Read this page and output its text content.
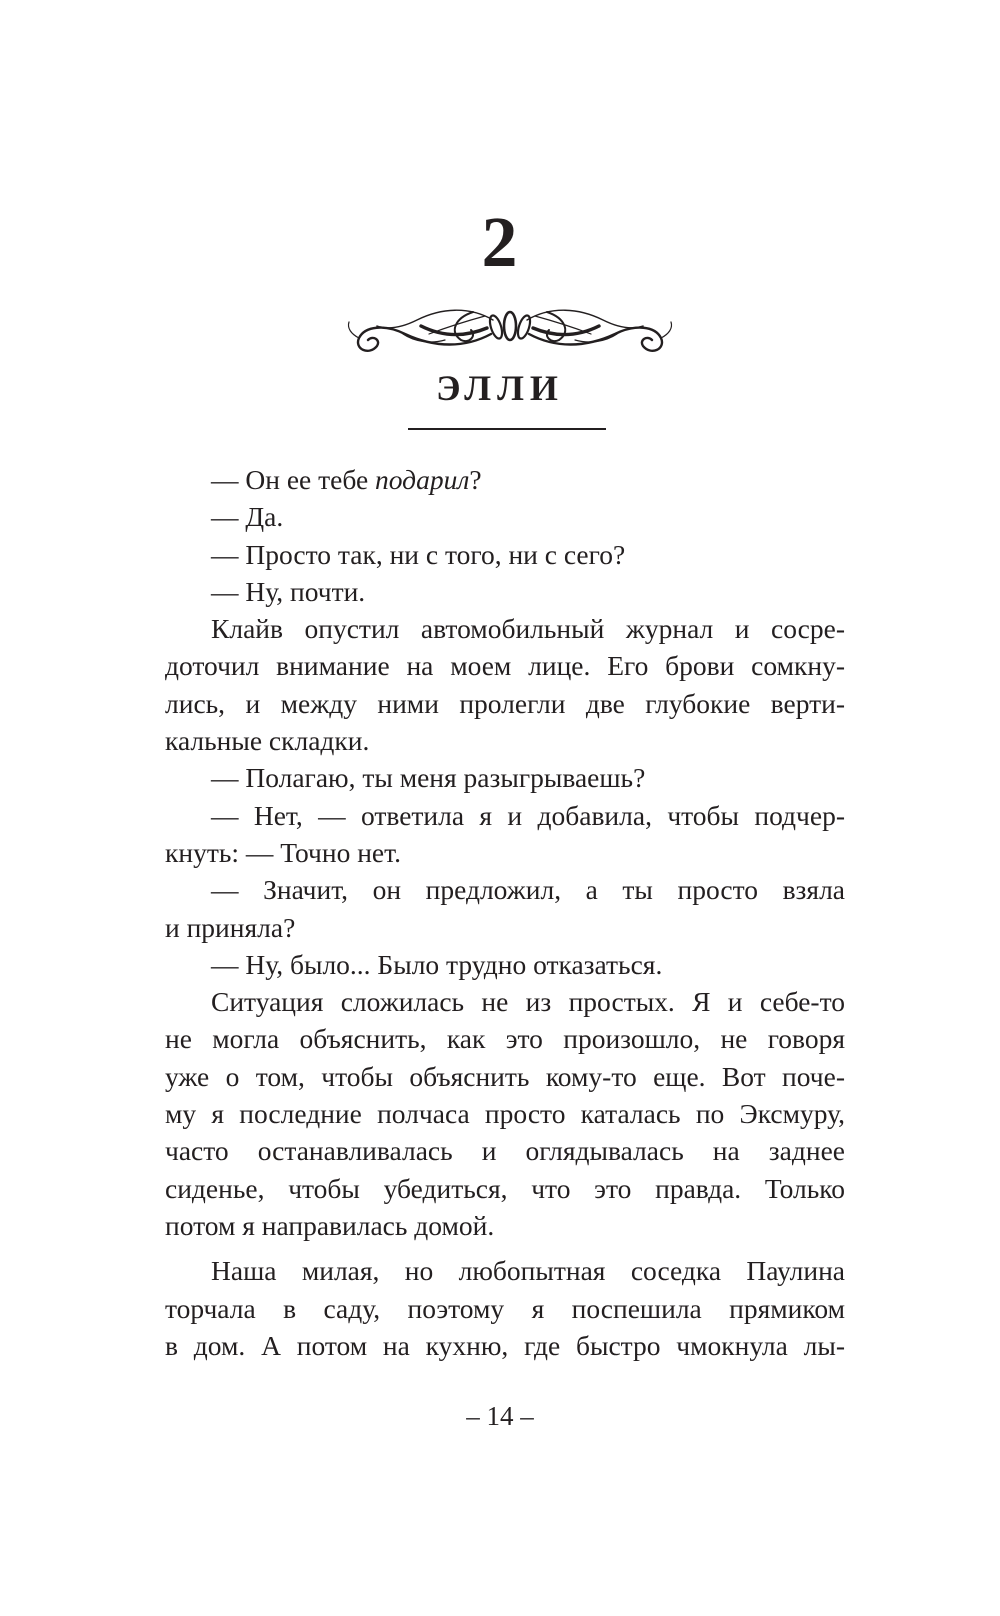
2
ЭЛЛИ
— Он ее тебе подарил?
— Да.
— Просто так, ни с того, ни с сего?
— Ну, почти.
Клайв опустил автомобильный журнал и сосре-
доточил внимание на моем лице. Его брови сомкну-
лись, и между ними пролегли две глубокие верти-
кальные складки.
— Полагаю, ты меня разыгрываешь?
— Нет, — ответила я и добавила, чтобы подчер-
кнуть: — Точно нет.
— Значит, он предложил, а ты просто взяла
и приняла?
— Ну, было... Было трудно отказаться.
Ситуация сложилась не из простых. Я и себе-то
не могла объяснить, как это произошло, не говоря
уже о том, чтобы объяснить кому-то еще. Вот поче-
му я последние полчаса просто каталась по Эксмуру,
часто останавливалась и оглядывалась на заднее
сиденье, чтобы убедиться, что это правда. Только
потом я направилась домой.
Наша милая, но любопытная соседка Паулина
торчала в саду, поэтому я поспешила прямиком
в дом. А потом на кухню, где быстро чмокнула лы-
– 14 –
